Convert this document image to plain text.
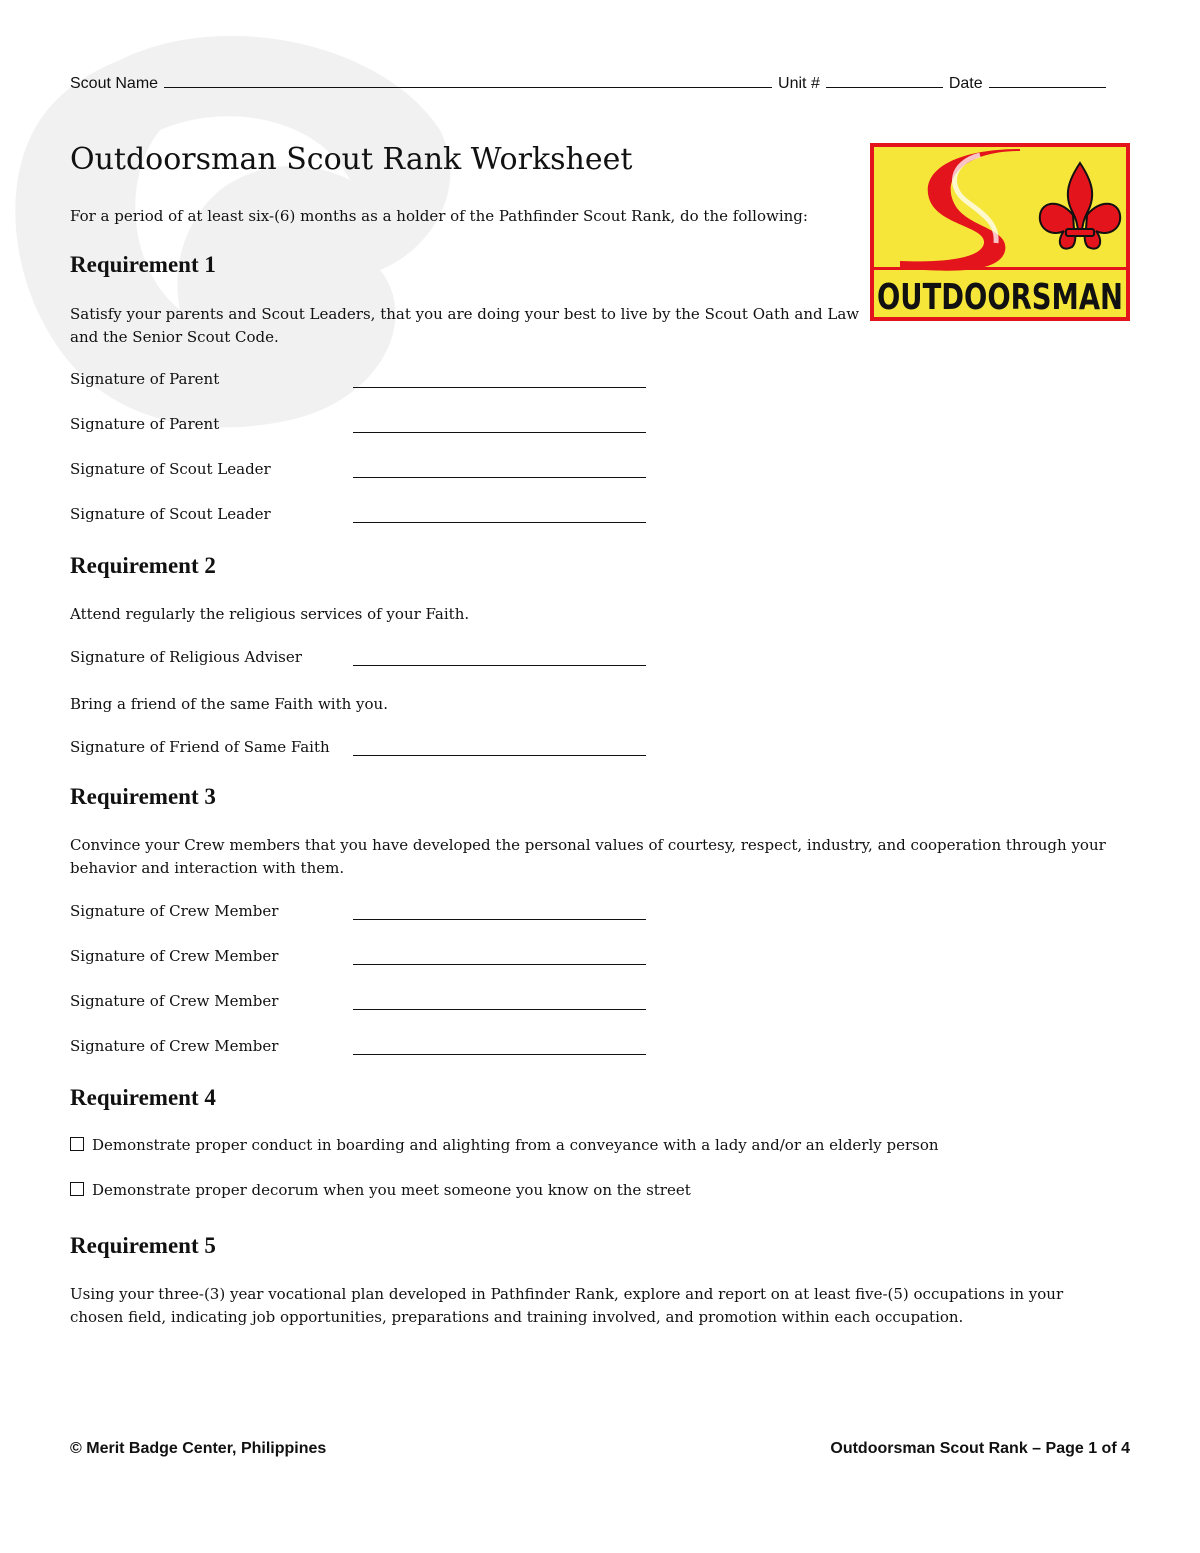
Scout Name	Unit #	Date
Outdoorsman Scout Rank Worksheet
For a period of at least six-(6) months as a holder of the Pathfinder Scout Rank, do the following:
OUTDOORSMAN
Requirement 1
Satisfy your parents and Scout Leaders, that you are doing your best to live by the Scout Oath and Law and the Senior Scout Code.
Signature of Parent
Signature of Parent
Signature of Scout Leader
Signature of Scout Leader
Requirement 2
Attend regularly the religious services of your Faith.
Signature of Religious Adviser
Bring a friend of the same Faith with you.
Signature of Friend of Same Faith
Requirement 3
Convince your Crew members that you have developed the personal values of courtesy, respect, industry, and cooperation through your behavior and interaction with them.
Signature of Crew Member
Signature of Crew Member
Signature of Crew Member
Signature of Crew Member
Requirement 4
Demonstrate proper conduct in boarding and alighting from a conveyance with a lady and/or an elderly person
Demonstrate proper decorum when you meet someone you know on the street
Requirement 5
Using your three-(3) year vocational plan developed in Pathfinder Rank, explore and report on at least five-(5) occupations in your chosen field, indicating job opportunities, preparations and training involved, and promotion within each occupation.
© Merit Badge Center, Philippines	Outdoorsman Scout Rank – Page 1 of 4
